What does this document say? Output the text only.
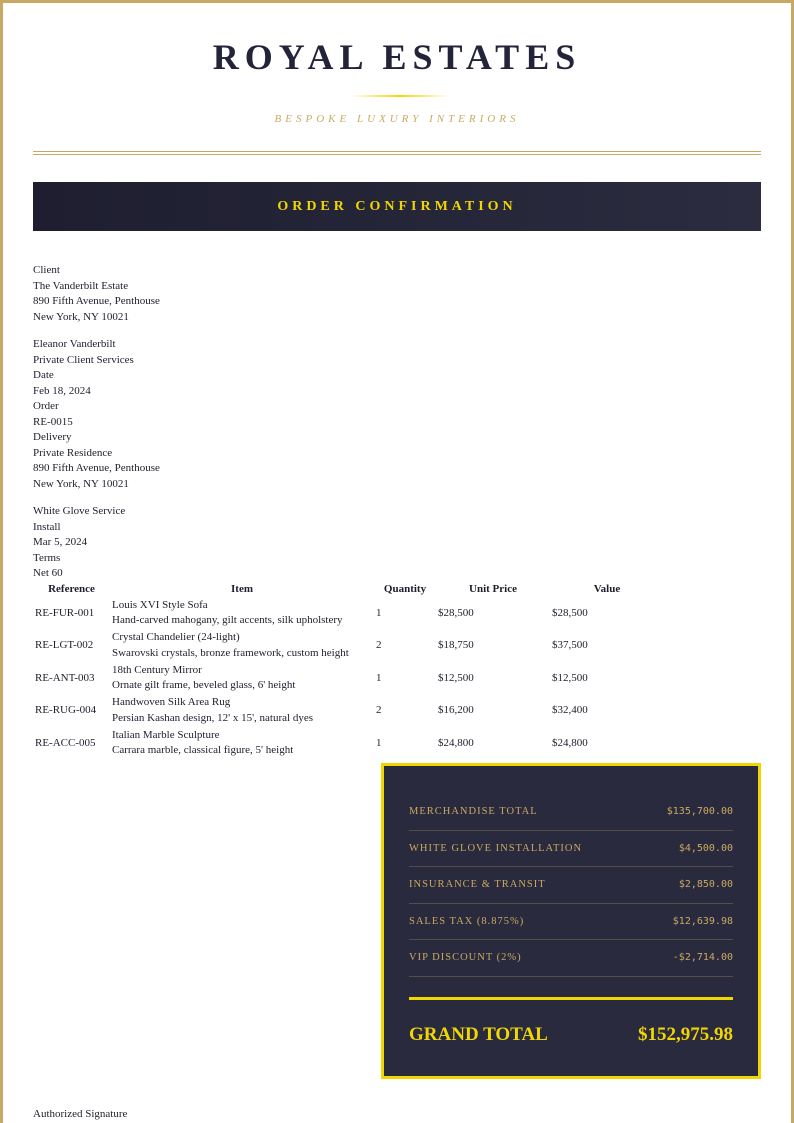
ROYAL ESTATES
BESPOKE LUXURY INTERIORS
ORDER CONFIRMATION
Client
The Vanderbilt Estate
890 Fifth Avenue, Penthouse
New York, NY 10021
Eleanor Vanderbilt
Private Client Services
Date
Feb 18, 2024
Order
RE-0015
Delivery
Private Residence
890 Fifth Avenue, Penthouse
New York, NY 10021
White Glove Service
Install
Mar 5, 2024
Terms
Net 60
Reference	Item	Quantity	Unit Price	Value
RE-FUR-001	Louis XVI Style Sofa
Hand-carved mahogany, gilt accents, silk upholstery	1	$28,500	$28,500
RE-LGT-002	Crystal Chandelier (24-light)
Swarovski crystals, bronze framework, custom height	2	$18,750	$37,500
RE-ANT-003	18th Century Mirror
Ornate gilt frame, beveled glass, 6' height	1	$12,500	$12,500
RE-RUG-004	Handwoven Silk Area Rug
Persian Kashan design, 12' x 15', natural dyes	2	$16,200	$32,400
RE-ACC-005	Italian Marble Sculpture
Carrara marble, classical figure, 5' height	1	$24,800	$24,800
MERCHANDISE TOTAL	$135,700.00
WHITE GLOVE INSTALLATION	$4,500.00
INSURANCE & TRANSIT	$2,850.00
SALES TAX (8.875%)	$12,639.98
VIP DISCOUNT (2%)	-$2,714.00
GRAND TOTAL	$152,975.98
Authorized Signature
